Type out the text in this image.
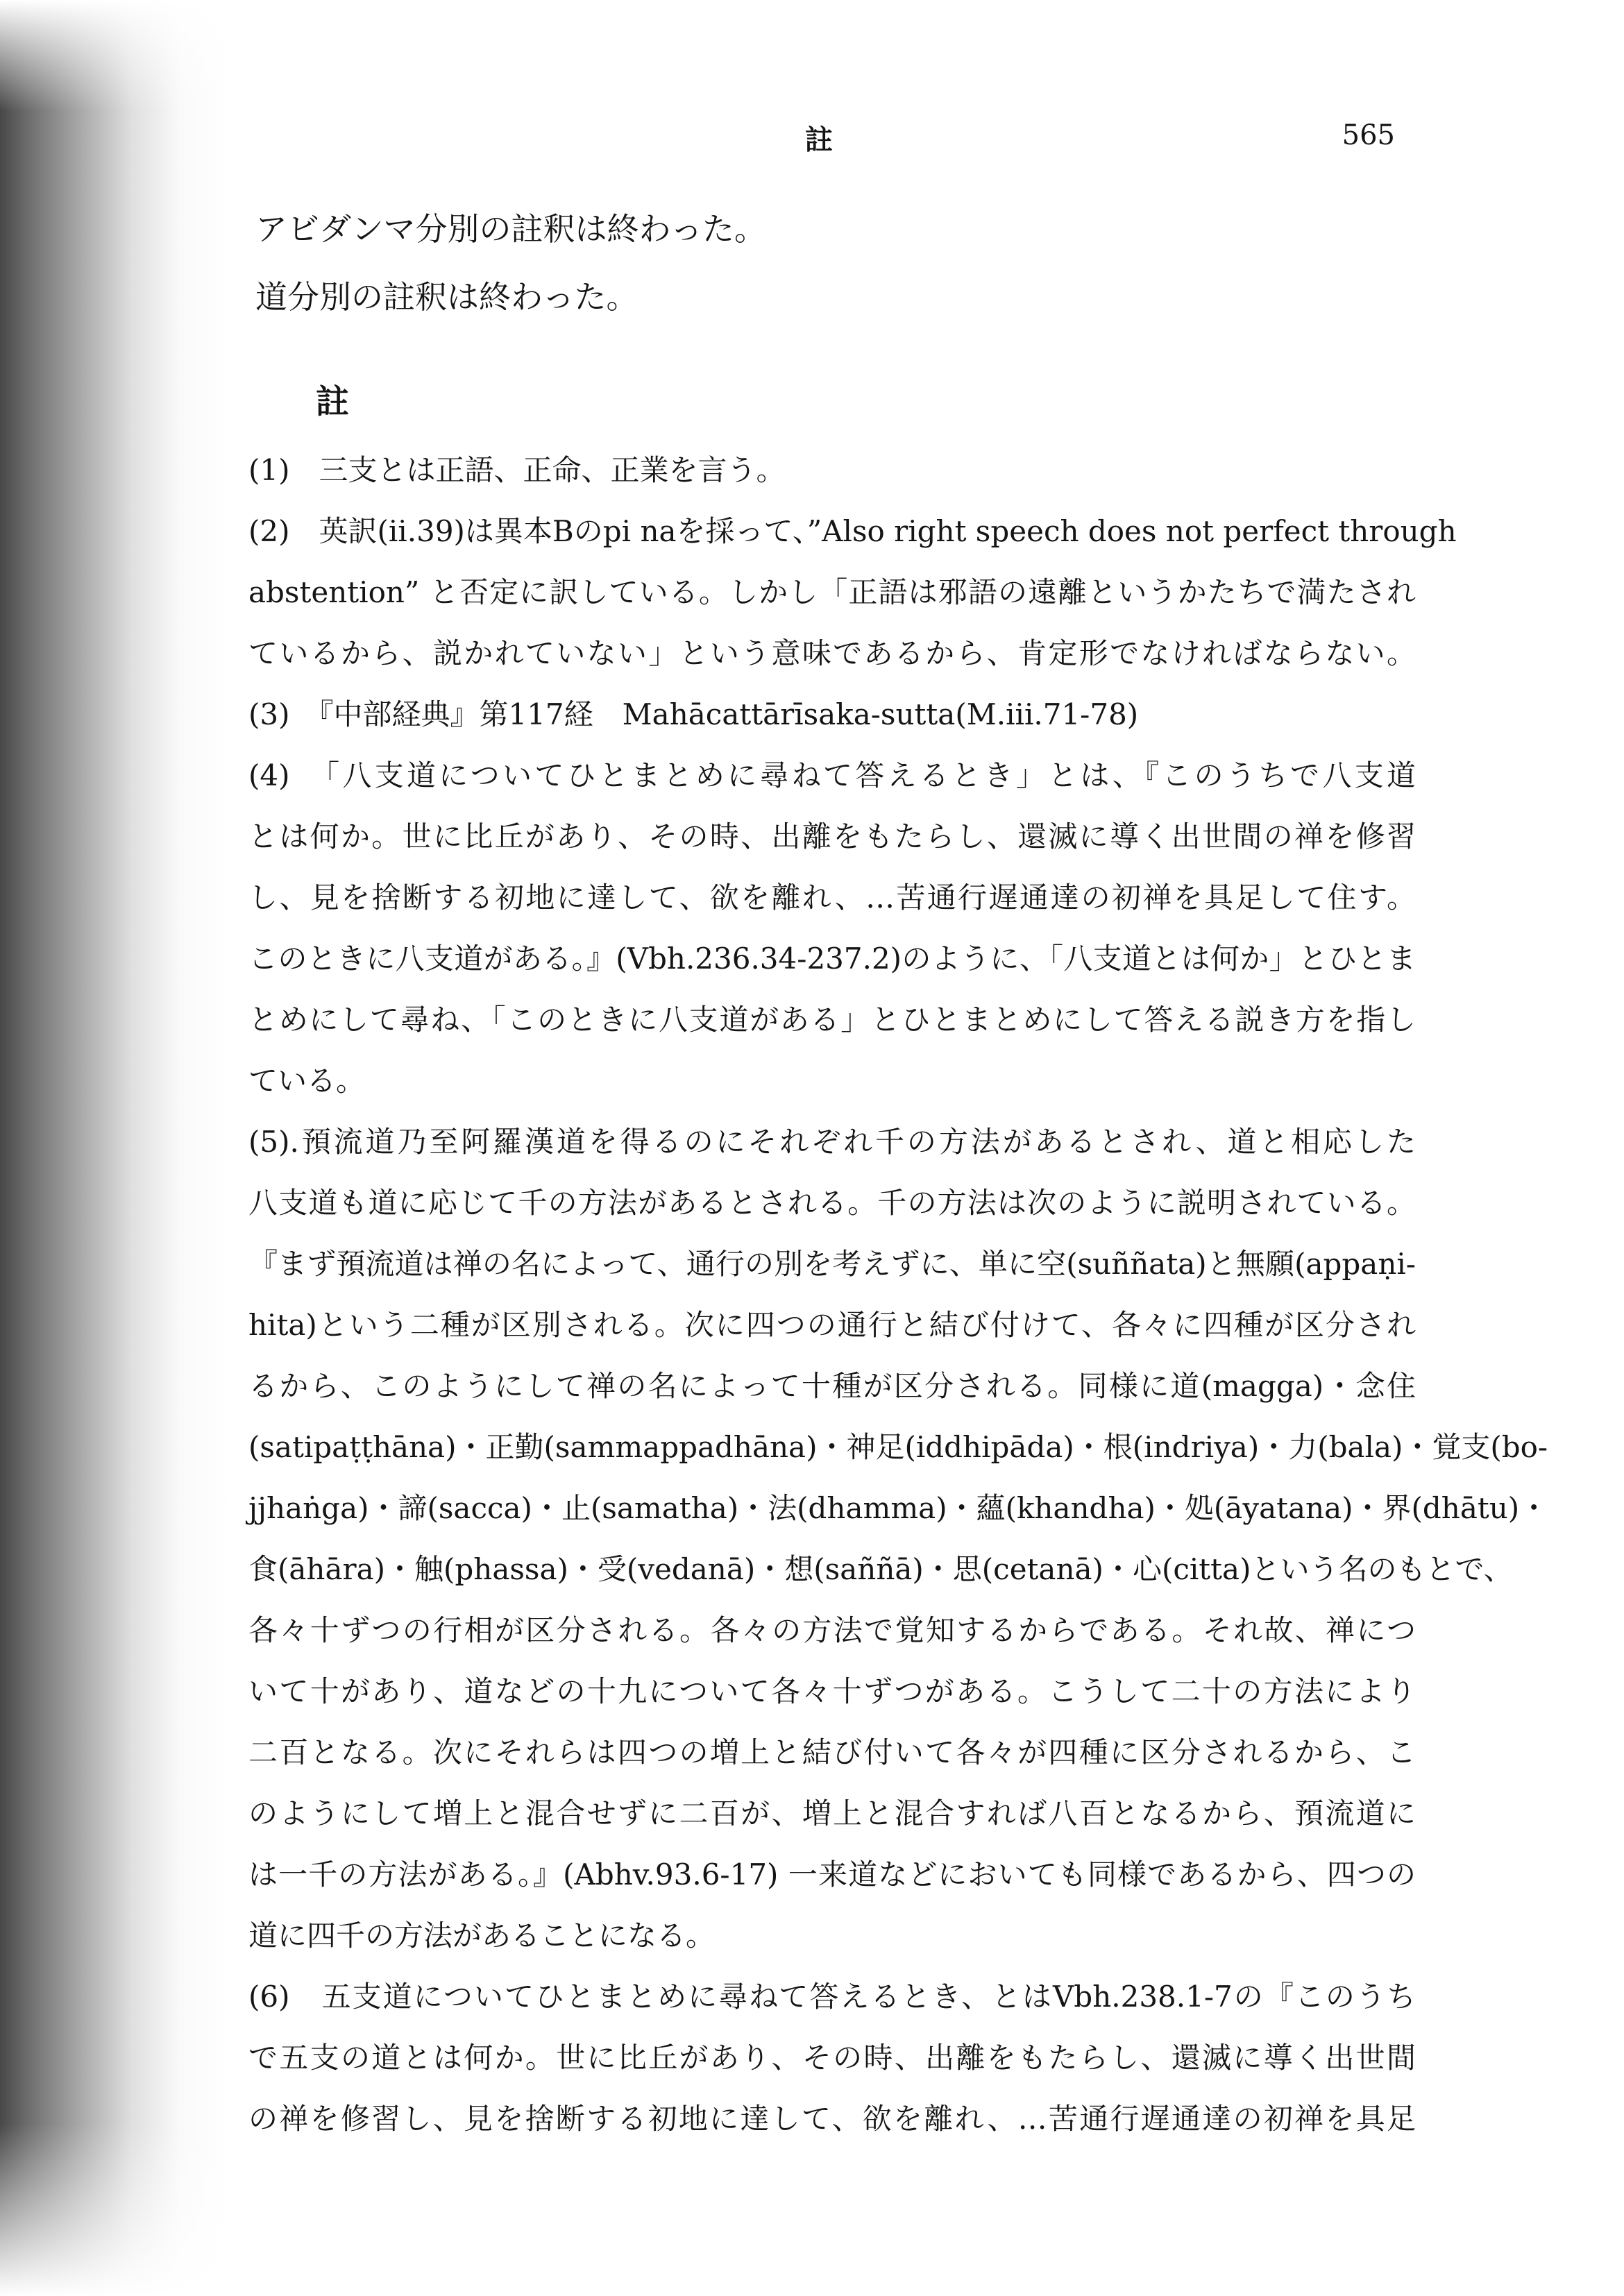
註	565
アビダンマ分別の註釈は終わった。
道分別の註釈は終わった。
註
(1)　三支とは正語、正命、正業を言う。
(2)　英訳(ii.39)は異本Bのpi naを採って、”Also right speech does not perfect through
abstention” と否定に訳している。しかし「正語は邪語の遠離というかたちで満たされ
ているから、説かれていない」という意味であるから、肯定形でなければならない。
(3)　『中部経典』第117経　Mahācattārīsaka-sutta(M.iii.71-78)
(4)　「八支道についてひとまとめに尋ねて答えるとき」とは、『このうちで八支道
とは何か。世に比丘があり、その時、出離をもたらし、還滅に導く出世間の禅を修習
し、見を捨断する初地に達して、欲を離れ、…苦通行遅通達の初禅を具足して住す。
このときに八支道がある。』(Vbh.236.34-237.2)のように、「八支道とは何か」とひとま
とめにして尋ね、「このときに八支道がある」とひとまとめにして答える説き方を指し
ている。
(5).預流道乃至阿羅漢道を得るのにそれぞれ千の方法があるとされ、道と相応した
八支道も道に応じて千の方法があるとされる。千の方法は次のように説明されている。
『まず預流道は禅の名によって、通行の別を考えずに、単に空(suññata)と無願(appaṇi-
hita)という二種が区別される。次に四つの通行と結び付けて、各々に四種が区分され
るから、このようにして禅の名によって十種が区分される。同様に道(magga)・念住
(satipaṭṭhāna)・正勤(sammappadhāna)・神足(iddhipāda)・根(indriya)・力(bala)・覚支(bo-
jjhaṅga)・諦(sacca)・止(samatha)・法(dhamma)・蘊(khandha)・処(āyatana)・界(dhātu)・
食(āhāra)・触(phassa)・受(vedanā)・想(saññā)・思(cetanā)・心(citta)という名のもとで、
各々十ずつの行相が区分される。各々の方法で覚知するからである。それ故、禅につ
いて十があり、道などの十九について各々十ずつがある。こうして二十の方法により
二百となる。次にそれらは四つの増上と結び付いて各々が四種に区分されるから、こ
のようにして増上と混合せずに二百が、増上と混合すれば八百となるから、預流道に
は一千の方法がある。』(Abhv.93.6-17) 一来道などにおいても同様であるから、四つの
道に四千の方法があることになる。
(6)　五支道についてひとまとめに尋ねて答えるとき、とはVbh.238.1-7の『このうち
で五支の道とは何か。世に比丘があり、その時、出離をもたらし、還滅に導く出世間
の禅を修習し、見を捨断する初地に達して、欲を離れ、…苦通行遅通達の初禅を具足
